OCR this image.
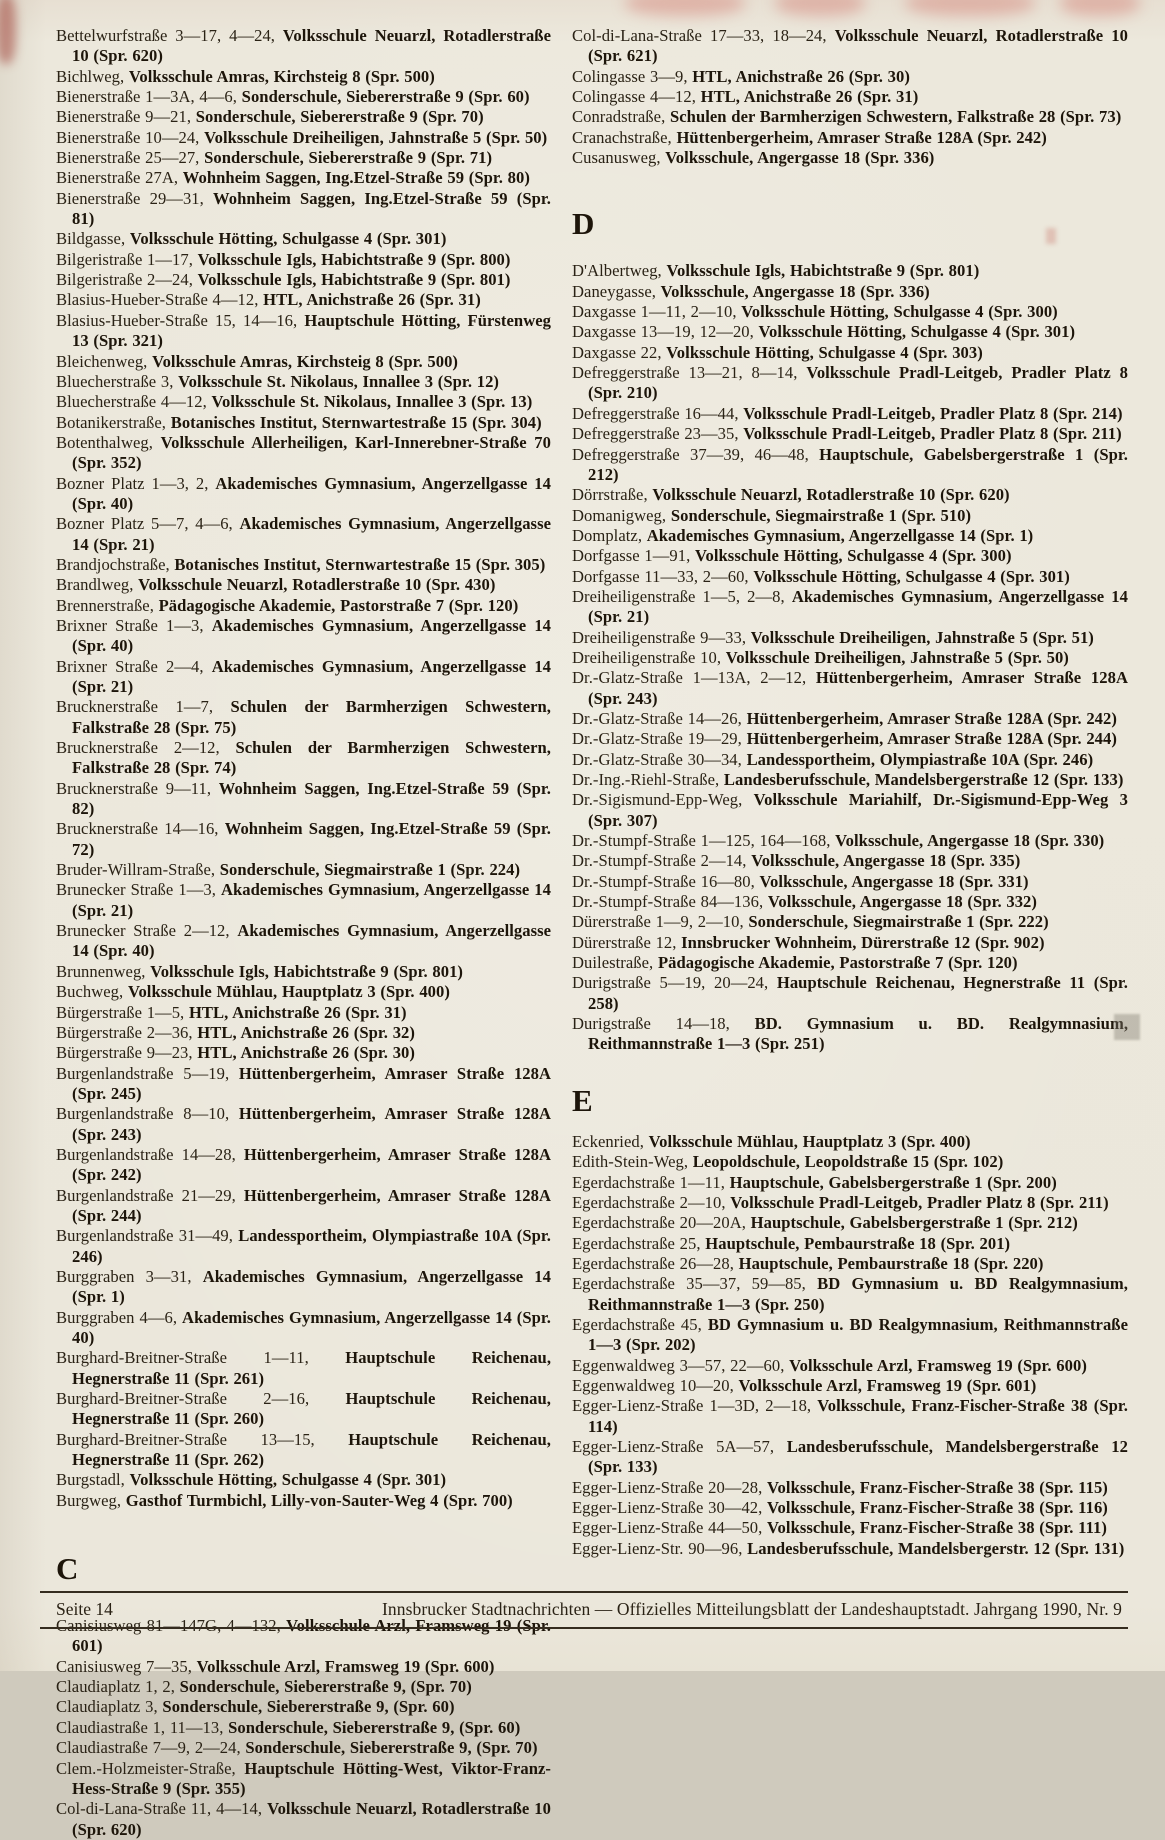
Bettelwurfstraße 3—17, 4—24, Volksschule Neuarzl, Rotadlerstraße 10 (Spr. 620)

Bichlweg, Volksschule Amras, Kirchsteig 8 (Spr. 500)

Bienerstraße 1—3A, 4—6, Sonderschule, Siebererstraße 9 (Spr. 60)

Bienerstraße 9—21, Sonderschule, Siebererstraße 9 (Spr. 70)

Bienerstraße 10—24, Volksschule Dreiheiligen, Jahnstraße 5 (Spr. 50)

Bienerstraße 25—27, Sonderschule, Siebererstraße 9 (Spr. 71)

Bienerstraße 27A, Wohnheim Saggen, Ing.Etzel-Straße 59 (Spr. 80)

Bienerstraße 29—31, Wohnheim Saggen, Ing.Etzel-Straße 59 (Spr. 81)

Bildgasse, Volksschule Hötting, Schulgasse 4 (Spr. 301)

Bilgeristraße 1—17, Volksschule Igls, Habichtstraße 9 (Spr. 800)

Bilgeristraße 2—24, Volksschule Igls, Habichtstraße 9 (Spr. 801)

Blasius-Hueber-Straße 4—12, HTL, Anichstraße 26 (Spr. 31)

Blasius-Hueber-Straße 15, 14—16, Hauptschule Hötting, Fürstenweg 13 (Spr. 321)

Bleichenweg, Volksschule Amras, Kirchsteig 8 (Spr. 500)

Bluecherstraße 3, Volksschule St. Nikolaus, Innallee 3 (Spr. 12)

Bluecherstraße 4—12, Volksschule St. Nikolaus, Innallee 3 (Spr. 13)

Botanikerstraße, Botanisches Institut, Sternwartestraße 15 (Spr. 304)

Botenthalweg, Volksschule Allerheiligen, Karl-Innerebner-Straße 70 (Spr. 352)

Bozner Platz 1—3, 2, Akademisches Gymnasium, Angerzellgasse 14 (Spr. 40)

Bozner Platz 5—7, 4—6, Akademisches Gymnasium, Angerzellgasse 14 (Spr. 21)

Brandjochstraße, Botanisches Institut, Sternwartestraße 15 (Spr. 305)

Brandlweg, Volksschule Neuarzl, Rotadlerstraße 10 (Spr. 430)

Brennerstraße, Pädagogische Akademie, Pastorstraße 7 (Spr. 120)

Brixner Straße 1—3, Akademisches Gymnasium, Angerzellgasse 14 (Spr. 40)

Brixner Straße 2—4, Akademisches Gymnasium, Angerzellgasse 14 (Spr. 21)

Brucknerstraße 1—7, Schulen der Barmherzigen Schwestern, Falkstraße 28 (Spr. 75)

Brucknerstraße 2—12, Schulen der Barmherzigen Schwestern, Falkstraße 28 (Spr. 74)

Brucknerstraße 9—11, Wohnheim Saggen, Ing.Etzel-Straße 59 (Spr. 82)

Brucknerstraße 14—16, Wohnheim Saggen, Ing.Etzel-Straße 59 (Spr. 72)

Bruder-Willram-Straße, Sonderschule, Siegmairstraße 1 (Spr. 224)

Brunecker Straße 1—3, Akademisches Gymnasium, Angerzellgasse 14 (Spr. 21)

Brunecker Straße 2—12, Akademisches Gymnasium, Angerzellgasse 14 (Spr. 40)

Brunnenweg, Volksschule Igls, Habichtstraße 9 (Spr. 801)

Buchweg, Volksschule Mühlau, Hauptplatz 3 (Spr. 400)

Bürgerstraße 1—5, HTL, Anichstraße 26 (Spr. 31)

Bürgerstraße 2—36, HTL, Anichstraße 26 (Spr. 32)

Bürgerstraße 9—23, HTL, Anichstraße 26 (Spr. 30)

Burgenlandstraße 5—19, Hüttenbergerheim, Amraser Straße 128A (Spr. 245)

Burgenlandstraße 8—10, Hüttenbergerheim, Amraser Straße 128A (Spr. 243)

Burgenlandstraße 14—28, Hüttenbergerheim, Amraser Straße 128A (Spr. 242)

Burgenlandstraße 21—29, Hüttenbergerheim, Amraser Straße 128A (Spr. 244)

Burgenlandstraße 31—49, Landessportheim, Olympiastraße 10A (Spr. 246)

Burggraben 3—31, Akademisches Gymnasium, Angerzellgasse 14 (Spr. 1)

Burggraben 4—6, Akademisches Gymnasium, Angerzellgasse 14 (Spr. 40)

Burghard-Breitner-Straße 1—11, Hauptschule Reichenau, Hegnerstraße 11 (Spr. 261)

Burghard-Breitner-Straße 2—16, Hauptschule Reichenau, Hegnerstraße 11 (Spr. 260)

Burghard-Breitner-Straße 13—15, Hauptschule Reichenau, Hegnerstraße 11 (Spr. 262)

Burgstadl, Volksschule Hötting, Schulgasse 4 (Spr. 301)

Burgweg, Gasthof Turmbichl, Lilly-von-Sauter-Weg 4 (Spr. 700)

C

Canisiusweg 81—147G, 4—132, Volksschule Arzl, Framsweg 19 (Spr. 601)

Canisiusweg 7—35, Volksschule Arzl, Framsweg 19 (Spr. 600)

Claudiaplatz 1, 2, Sonderschule, Siebererstraße 9, (Spr. 70)

Claudiaplatz 3, Sonderschule, Siebererstraße 9, (Spr. 60)

Claudiastraße 1, 11—13, Sonderschule, Siebererstraße 9, (Spr. 60)

Claudiastraße 7—9, 2—24, Sonderschule, Siebererstraße 9, (Spr. 70)

Clem.-Holzmeister-Straße, Hauptschule Hötting-West, Viktor-Franz-Hess-Straße 9 (Spr. 355)

Col-di-Lana-Straße 11, 4—14, Volksschule Neuarzl, Rotadlerstraße 10 (Spr. 620)

Col-di-Lana-Straße 17—33, 18—24, Volksschule Neuarzl, Rotadlerstraße 10 (Spr. 621)

Colingasse 3—9, HTL, Anichstraße 26 (Spr. 30)

Colingasse 4—12, HTL, Anichstraße 26 (Spr. 31)

Conradstraße, Schulen der Barmherzigen Schwestern, Falkstraße 28 (Spr. 73)

Cranachstraße, Hüttenbergerheim, Amraser Straße 128A (Spr. 242)

Cusanusweg, Volksschule, Angergasse 18 (Spr. 336)

D

D'Albertweg, Volksschule Igls, Habichtstraße 9 (Spr. 801)

Daneygasse, Volksschule, Angergasse 18 (Spr. 336)

Daxgasse 1—11, 2—10, Volksschule Hötting, Schulgasse 4 (Spr. 300)

Daxgasse 13—19, 12—20, Volksschule Hötting, Schulgasse 4 (Spr. 301)

Daxgasse 22, Volksschule Hötting, Schulgasse 4 (Spr. 303)

Defreggerstraße 13—21, 8—14, Volksschule Pradl-Leitgeb, Pradler Platz 8 (Spr. 210)

Defreggerstraße 16—44, Volksschule Pradl-Leitgeb, Pradler Platz 8 (Spr. 214)

Defreggerstraße 23—35, Volksschule Pradl-Leitgeb, Pradler Platz 8 (Spr. 211)

Defreggerstraße 37—39, 46—48, Hauptschule, Gabelsbergerstraße 1 (Spr. 212)

Dörrstraße, Volksschule Neuarzl, Rotadlerstraße 10 (Spr. 620)

Domanigweg, Sonderschule, Siegmairstraße 1 (Spr. 510)

Domplatz, Akademisches Gymnasium, Angerzellgasse 14 (Spr. 1)

Dorfgasse 1—91, Volksschule Hötting, Schulgasse 4 (Spr. 300)

Dorfgasse 11—33, 2—60, Volksschule Hötting, Schulgasse 4 (Spr. 301)

Dreiheiligenstraße 1—5, 2—8, Akademisches Gymnasium, Angerzellgasse 14 (Spr. 21)

Dreiheiligenstraße 9—33, Volksschule Dreiheiligen, Jahnstraße 5 (Spr. 51)

Dreiheiligenstraße 10, Volksschule Dreiheiligen, Jahnstraße 5 (Spr. 50)

Dr.-Glatz-Straße 1—13A, 2—12, Hüttenbergerheim, Amraser Straße 128A (Spr. 243)

Dr.-Glatz-Straße 14—26, Hüttenbergerheim, Amraser Straße 128A (Spr. 242)

Dr.-Glatz-Straße 19—29, Hüttenbergerheim, Amraser Straße 128A (Spr. 244)

Dr.-Glatz-Straße 30—34, Landessportheim, Olympiastraße 10A (Spr. 246)

Dr.-Ing.-Riehl-Straße, Landesberufsschule, Mandelsbergerstraße 12 (Spr. 133)

Dr.-Sigismund-Epp-Weg, Volksschule Mariahilf, Dr.-Sigismund-Epp-Weg 3 (Spr. 307)

Dr.-Stumpf-Straße 1—125, 164—168, Volksschule, Angergasse 18 (Spr. 330)

Dr.-Stumpf-Straße 2—14, Volksschule, Angergasse 18 (Spr. 335)

Dr.-Stumpf-Straße 16—80, Volksschule, Angergasse 18 (Spr. 331)

Dr.-Stumpf-Straße 84—136, Volksschule, Angergasse 18 (Spr. 332)

Dürerstraße 1—9, 2—10, Sonderschule, Siegmairstraße 1 (Spr. 222)

Dürerstraße 12, Innsbrucker Wohnheim, Dürerstraße 12 (Spr. 902)

Duilestraße, Pädagogische Akademie, Pastorstraße 7 (Spr. 120)

Durigstraße 5—19, 20—24, Hauptschule Reichenau, Hegnerstraße 11 (Spr. 258)

Durigstraße 14—18, BD. Gymnasium u. BD. Realgymnasium, Reithmannstraße 1—3 (Spr. 251)

E

Eckenried, Volksschule Mühlau, Hauptplatz 3 (Spr. 400)

Edith-Stein-Weg, Leopoldschule, Leopoldstraße 15 (Spr. 102)

Egerdachstraße 1—11, Hauptschule, Gabelsbergerstraße 1 (Spr. 200)

Egerdachstraße 2—10, Volksschule Pradl-Leitgeb, Pradler Platz 8 (Spr. 211)

Egerdachstraße 20—20A, Hauptschule, Gabelsbergerstraße 1 (Spr. 212)

Egerdachstraße 25, Hauptschule, Pembaurstraße 18 (Spr. 201)

Egerdachstraße 26—28, Hauptschule, Pembaurstraße 18 (Spr. 220)

Egerdachstraße 35—37, 59—85, BD Gymnasium u. BD Realgymnasium, Reithmannstraße 1—3 (Spr. 250)

Egerdachstraße 45, BD Gymnasium u. BD Realgymnasium, Reithmannstraße 1—3 (Spr. 202)

Eggenwaldweg 3—57, 22—60, Volksschule Arzl, Framsweg 19 (Spr. 600)

Eggenwaldweg 10—20, Volksschule Arzl, Framsweg 19 (Spr. 601)

Egger-Lienz-Straße 1—3D, 2—18, Volksschule, Franz-Fischer-Straße 38 (Spr. 114)

Egger-Lienz-Straße 5A—57, Landesberufsschule, Mandelsbergerstraße 12 (Spr. 133)

Egger-Lienz-Straße 20—28, Volksschule, Franz-Fischer-Straße 38 (Spr. 115)

Egger-Lienz-Straße 30—42, Volksschule, Franz-Fischer-Straße 38 (Spr. 116)

Egger-Lienz-Straße 44—50, Volksschule, Franz-Fischer-Straße 38 (Spr. 111)

Egger-Lienz-Str. 90—96, Landesberufsschule, Mandelsbergerstr. 12 (Spr. 131)

Seite 14	Innsbrucker Stadtnachrichten — Offizielles Mitteilungsblatt der Landeshauptstadt. Jahrgang 1990, Nr. 9
